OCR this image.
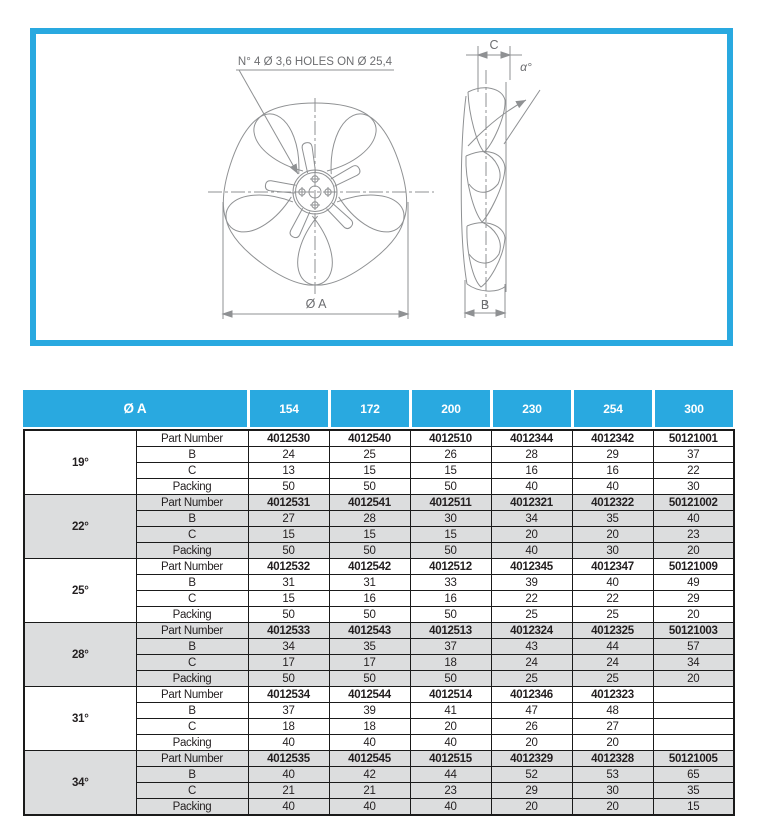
N° 4 Ø 3,6 HOLES ON Ø 25,4
Ø A
C
B
α°
Ø A	154	172	200	230	254	300
19°	Part Number	4012530	4012540	4012510	4012344	4012342	50121001
	B	24	25	26	28	29	37
	C	13	15	15	16	16	22
	Packing	50	50	50	40	40	30
22°	Part Number	4012531	4012541	4012511	4012321	4012322	50121002
	B	27	28	30	34	35	40
	C	15	15	15	20	20	23
	Packing	50	50	50	40	30	20
25°	Part Number	4012532	4012542	4012512	4012345	4012347	50121009
	B	31	31	33	39	40	49
	C	15	16	16	22	22	29
	Packing	50	50	50	25	25	20
28°	Part Number	4012533	4012543	4012513	4012324	4012325	50121003
	B	34	35	37	43	44	57
	C	17	17	18	24	24	34
	Packing	50	50	50	25	25	20
31°	Part Number	4012534	4012544	4012514	4012346	4012323	
	B	37	39	41	47	48	
	C	18	18	20	26	27	
	Packing	40	40	40	20	20	
34°	Part Number	4012535	4012545	4012515	4012329	4012328	50121005
	B	40	42	44	52	53	65
	C	21	21	23	29	30	35
	Packing	40	40	40	20	20	15
